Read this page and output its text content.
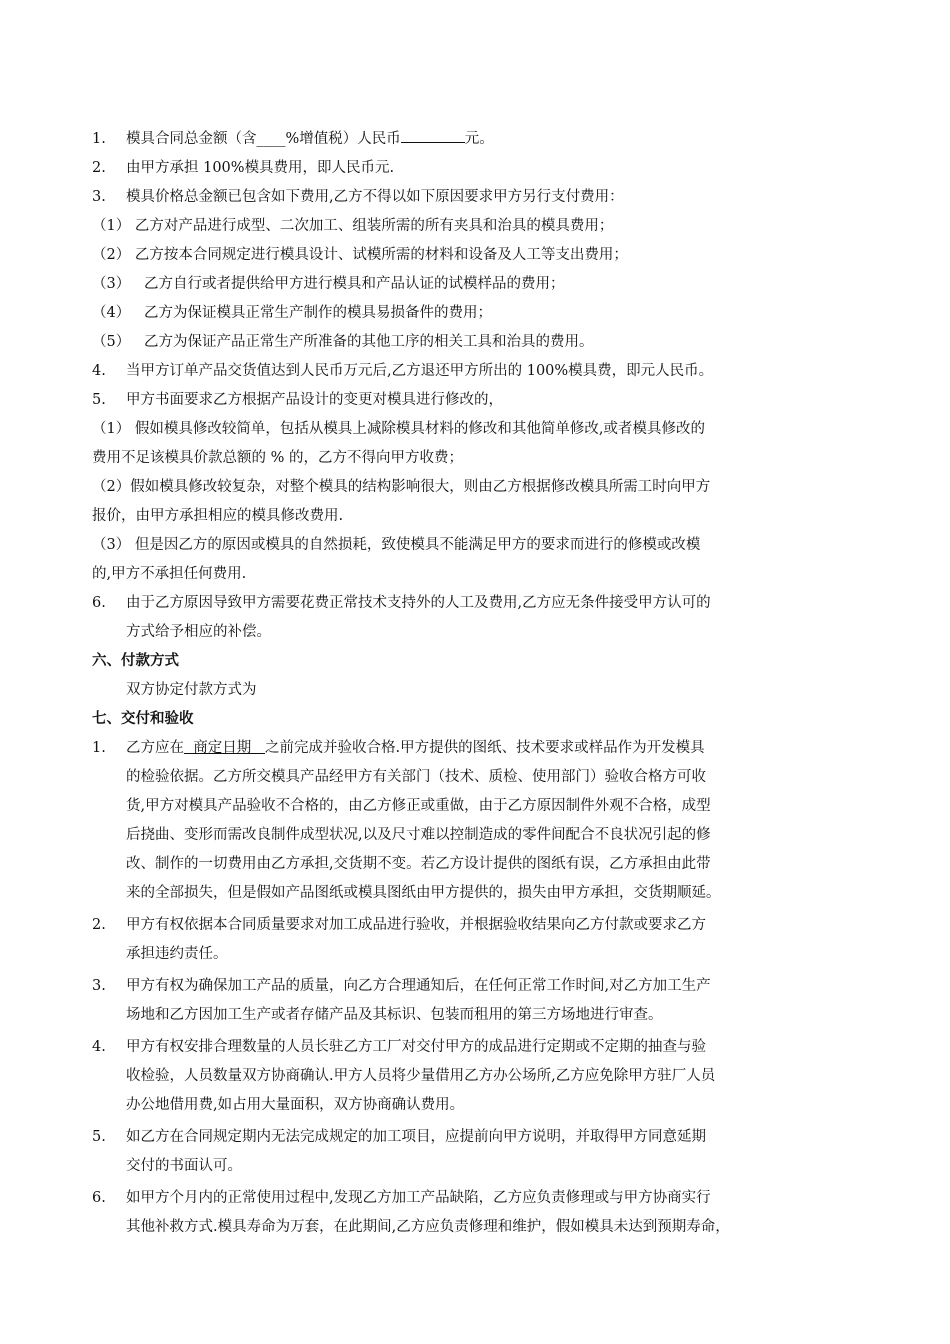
1. 模具合同总金额（含____%增值税）人民币	元。
2. 由甲方承担 100%模具费用，即人民币元.
3. 模具价格总金额已包含如下费用,乙方不得以如下原因要求甲方另行支付费用：
（1） 乙方对产品进行成型、二次加工、组装所需的所有夹具和治具的模具费用；
（2） 乙方按本合同规定进行模具设计、试模所需的材料和设备及人工等支出费用；
（3） 乙方自行或者提供给甲方进行模具和产品认证的试模样品的费用；
（4） 乙方为保证模具正常生产制作的模具易损备件的费用；
（5） 乙方为保证产品正常生产所准备的其他工序的相关工具和治具的费用。
4. 当甲方订单产品交货值达到人民币万元后,乙方退还甲方所出的 100%模具费，即元人民币。
5. 甲方书面要求乙方根据产品设计的变更对模具进行修改的，
（1） 假如模具修改较简单，包括从模具上减除模具材料的修改和其他简单修改,或者模具修改的
费用不足该模具价款总额的 % 的，乙方不得向甲方收费；
（2）假如模具修改较复杂，对整个模具的结构影响很大，则由乙方根据修改模具所需工时向甲方
报价，由甲方承担相应的模具修改费用.
（3） 但是因乙方的原因或模具的自然损耗，致使模具不能满足甲方的要求而进行的修模或改模
的,甲方不承担任何费用.
6. 由于乙方原因导致甲方需要花费正常技术支持外的人工及费用,乙方应无条件接受甲方认可的
方式给予相应的补偿。
六、付款方式
双方协定付款方式为
七、交付和验收
1. 乙方应在  商定日期   之前完成并验收合格.甲方提供的图纸、技术要求或样品作为开发模具
的检验依据。乙方所交模具产品经甲方有关部门（技术、质检、使用部门）验收合格方可收
货,甲方对模具产品验收不合格的，由乙方修正或重做，由于乙方原因制件外观不合格，成型
后挠曲、变形而需改良制件成型状况,以及尺寸难以控制造成的零件间配合不良状况引起的修
改、制作的一切费用由乙方承担,交货期不变。若乙方设计提供的图纸有误，乙方承担由此带
来的全部损失，但是假如产品图纸或模具图纸由甲方提供的，损失由甲方承担，交货期顺延。
2. 甲方有权依据本合同质量要求对加工成品进行验收，并根据验收结果向乙方付款或要求乙方
承担违约责任。
3. 甲方有权为确保加工产品的质量，向乙方合理通知后，在任何正常工作时间,对乙方加工生产
场地和乙方因加工生产或者存储产品及其标识、包装而租用的第三方场地进行审查。
4. 甲方有权安排合理数量的人员长驻乙方工厂对交付甲方的成品进行定期或不定期的抽查与验
收检验，人员数量双方协商确认.甲方人员将少量借用乙方办公场所,乙方应免除甲方驻厂人员
办公地借用费,如占用大量面积，双方协商确认费用。
5. 如乙方在合同规定期内无法完成规定的加工项目，应提前向甲方说明，并取得甲方同意延期
交付的书面认可。
6. 如甲方个月内的正常使用过程中,发现乙方加工产品缺陷，乙方应负责修理或与甲方协商实行
其他补救方式.模具寿命为万套，在此期间,乙方应负责修理和维护，假如模具未达到预期寿命，
